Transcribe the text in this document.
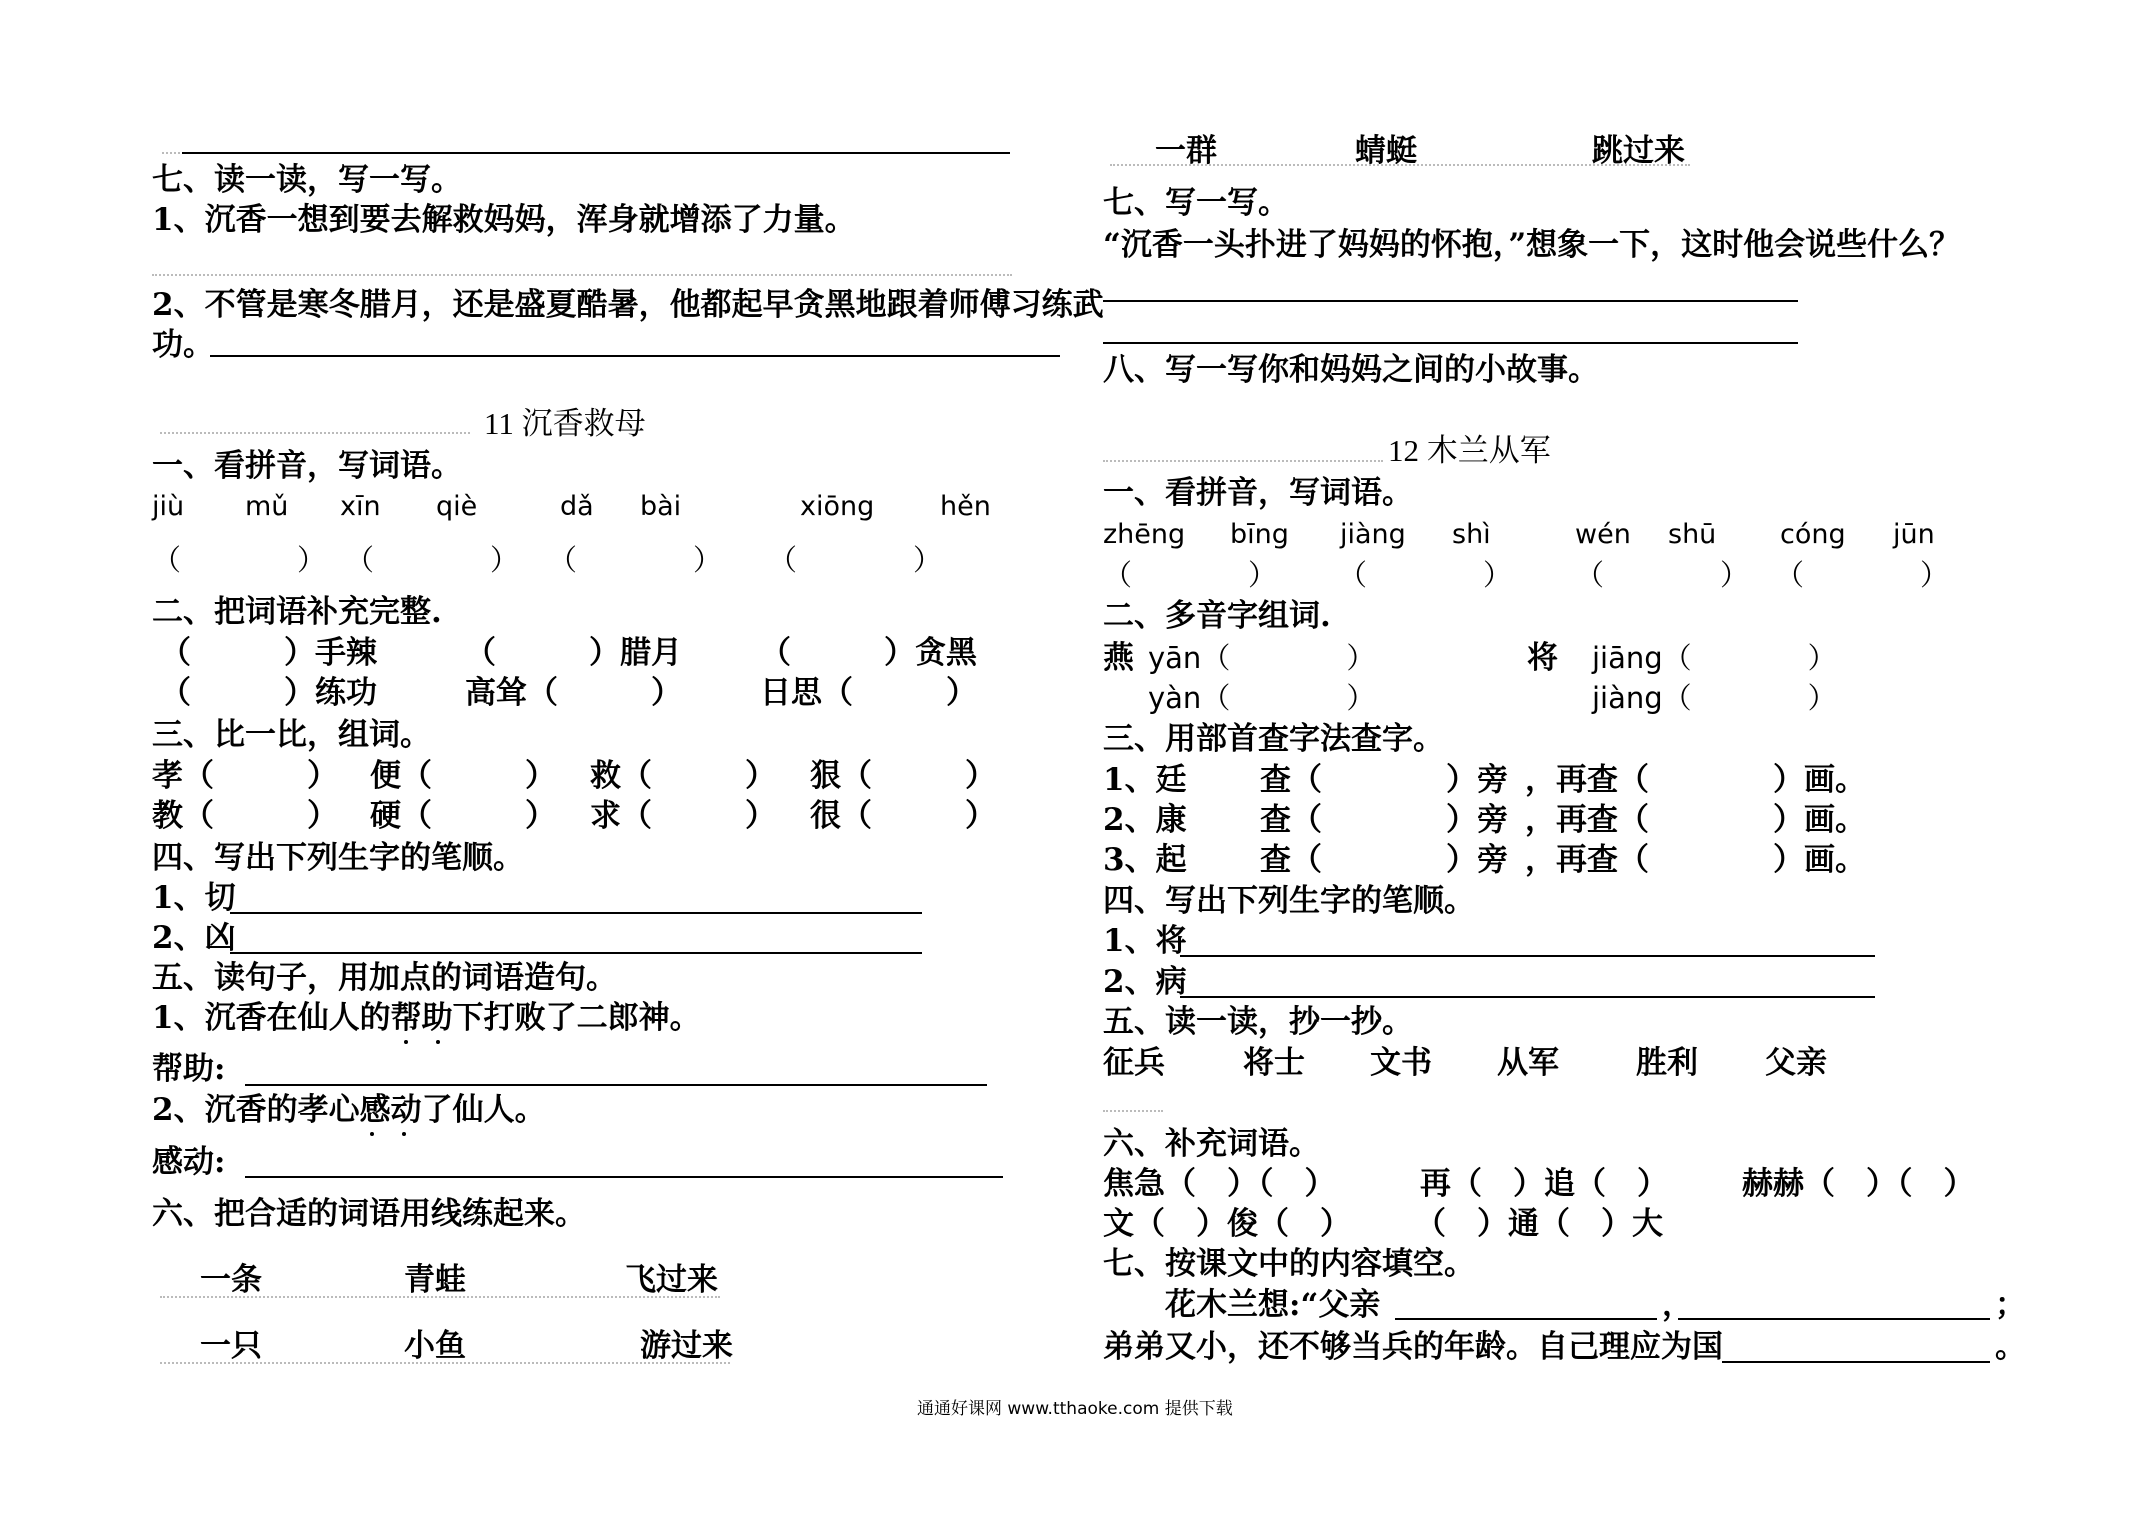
七、读一读，写一写。
1、沉香一想到要去解救妈妈，浑身就增添了力量。
2、不管是寒冬腊月，还是盛夏酷暑，他都起早贪黑地跟着师傅习练武
功。
11 沉香救母
一、看拼音，写词语。
jiù mǔ xīn qiè	dǎ bài	xiōng hěn
（　　　　） （　　　　） （　　　　） （　　　　）
二、把词语补充完整.
（　　　）手辣	（　　　）腊月	（　　　）贪黑
（　　　）练功	高耸（　　　）	日思（　　　）
三、比一比，组词。
孝（　　　） 便（　　　） 救（　　　） 狠（　　　）
教（　　　） 硬（　　　） 求（　　　） 很（　　　）
四、写出下列生字的笔顺。
1、切
2、凶
五、读句子，用加点的词语造句。
1、沉香在仙人的帮助下打败了二郎神。
帮助:
2、沉香的孝心感动了仙人。
感动:
六、把合适的词语用线练起来。
一条	青蛙	飞过来
一只	小鱼	游过来
一群	蜻蜓	跳过来
七、写一写。
“沉香一头扑进了妈妈的怀抱，”想象一下，这时他会说些什么？
八、写一写你和妈妈之间的小故事。
12 木兰从军
一、看拼音，写词语。
zhēng bīng jiàng shì	wén shū cóng jūn
（　　　　） （　　　　） （　　　　） （　　　　）
二、多音字组词.
燕 yān（　　　　）	将 jiāng（　　　　）
yàn（　　　　）	jiàng（　　　　）
三、用部首查字法查字。
1、廷 查（　　　　）旁 ，再查（　　　　）画。
2、康 查（　　　　）旁 ，再查（　　　　）画。
3、起 查（　　　　）旁 ，再查（　　　　）画。
四、写出下列生字的笔顺。
1、将
2、病
五、读一读，抄一抄。
征兵	将士 文书 从军 胜利 父亲
六、补充词语。
焦急（　）（　）	再（　）追（　） 赫赫（　）（　）
文（　）俊（　） （　）通（　）大
七、按课文中的内容填空。
花木兰想:“父亲	，	；
弟弟又小，还不够当兵的年龄。自己理应为国	。
通通好课网 www.tthaoke.com 提供下载
